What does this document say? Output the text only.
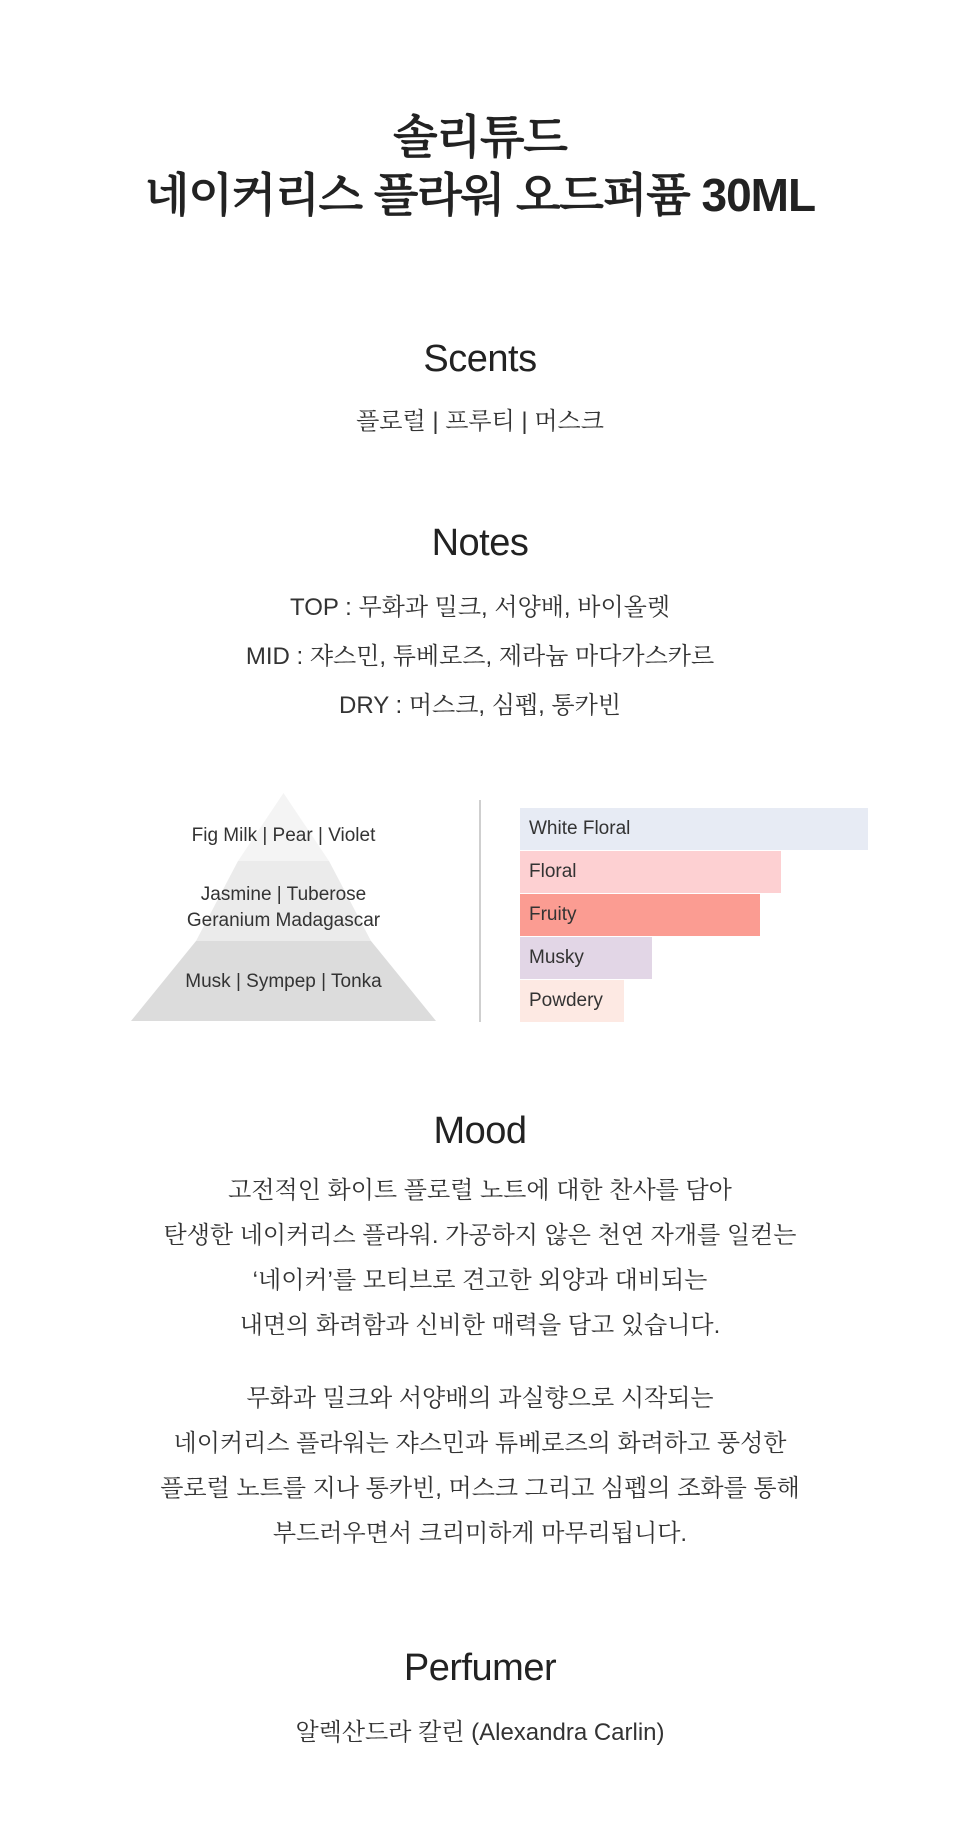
솔리튜드
네이커리스 플라워 오드퍼퓸 30ML
Scents
플로럴 | 프루티 | 머스크
Notes
TOP : 무화과 밀크, 서양배, 바이올렛
MID : 쟈스민, 튜베로즈, 제라늄 마다가스카르
DRY : 머스크, 심펩, 통카빈
Fig Milk | Pear | Violet
Jasmine | Tuberose
Geranium Madagascar
Musk | Sympep | Tonka
White Floral
Floral
Fruity
Musky
Powdery
Mood
고전적인 화이트 플로럴 노트에 대한 찬사를 담아
탄생한 네이커리스 플라워. 가공하지 않은 천연 자개를 일컫는
‘네이커’를 모티브로 견고한 외양과 대비되는
내면의 화려함과 신비한 매력을 담고 있습니다.
무화과 밀크와 서양배의 과실향으로 시작되는
네이커리스 플라워는 쟈스민과 튜베로즈의 화려하고 풍성한
플로럴 노트를 지나 통카빈, 머스크 그리고 심펩의 조화를 통해
부드러우면서 크리미하게 마무리됩니다.
Perfumer
알렉산드라 칼린 (Alexandra Carlin)
